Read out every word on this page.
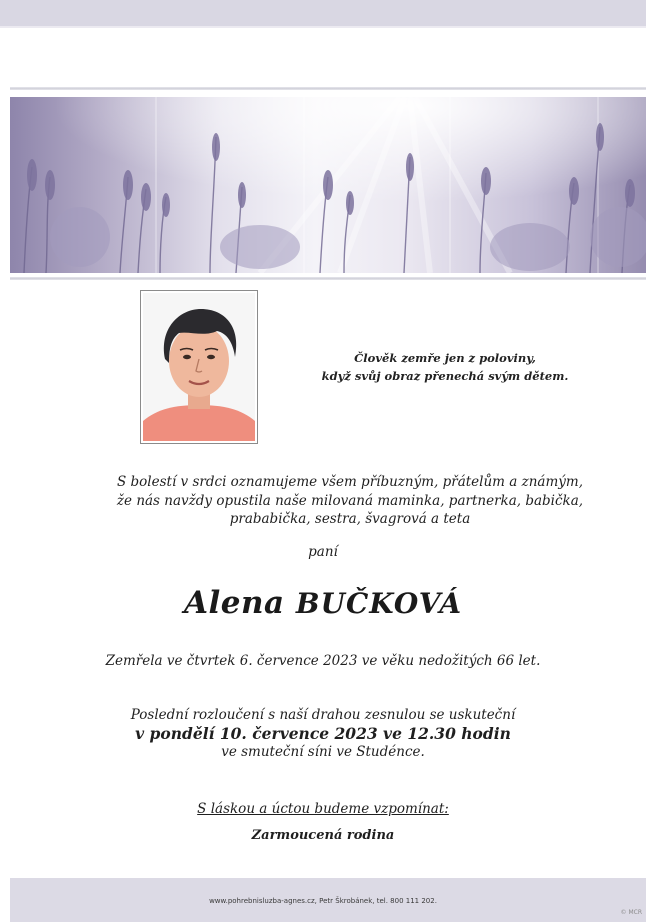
Člověk zemře jen z poloviny,
když svůj obraz přenechá svým dětem.
S bolestí v srdci oznamujeme všem příbuzným, přátelům a známým,
že nás navždy opustila naše milovaná maminka, partnerka, babička,
prababička, sestra, švagrová a teta
paní
Alena BUČKOVÁ
Zemřela ve čtvrtek 6. července 2023 ve věku nedožitých 66 let.
Poslední rozloučení s naší drahou zesnulou se uskuteční
v pondělí 10. července 2023 ve 12.30 hodin
ve smuteční síni ve Studénce.
S láskou a úctou budeme vzpomínat:
Zarmoucená rodina
www.pohrebnisluzba-agnes.cz, Petr Škrobánek, tel. 800 111 202.
© MCR
